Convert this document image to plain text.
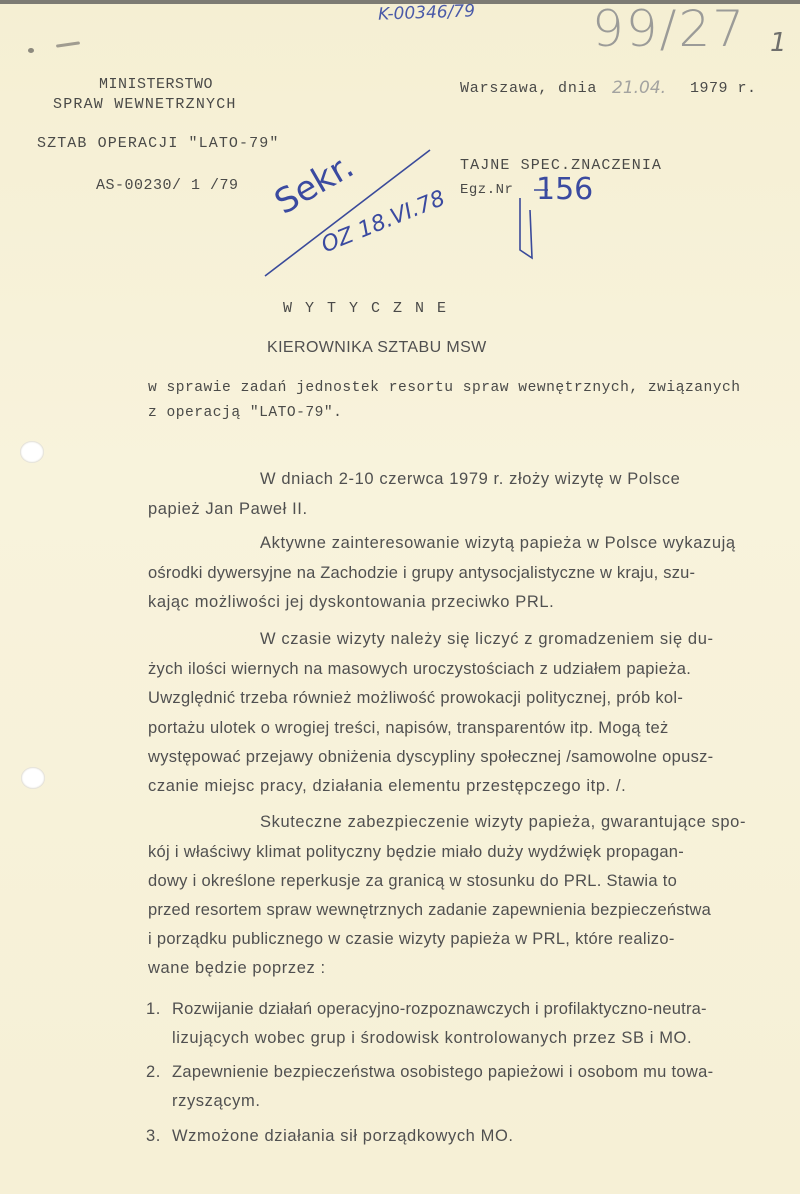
K-00346/79 99/27 1
MINISTERSTWO
SPRAW WEWNETRZNYCH
SZTAB OPERACJI "LATO-79"
AS-00230/ 1 /79
Warszawa, dnia 21.04. 1979 r.
TAJNE SPEC.ZNACZENIA
Egz.Nr 156
Sekr.
OZ 18.VI.78
W Y T Y C Z N E
KIEROWNIKA SZTABU MSW
w sprawie zadań jednostek resortu spraw wewnętrznych, związanych
z operacją "LATO-79".
W dniach 2-10 czerwca 1979 r. złoży wizytę w Polsce
papież Jan Paweł II.
Aktywne zainteresowanie wizytą papieża w Polsce wykazują
ośrodki dywersyjne na Zachodzie i grupy antysocjalistyczne w kraju, szu-
kając możliwości jej dyskontowania przeciwko PRL.
W czasie wizyty należy się liczyć z gromadzeniem się du-
żych ilości wiernych na masowych uroczystościach z udziałem papieża.
Uwzględnić trzeba również możliwość prowokacji politycznej, prób kol-
portażu ulotek o wrogiej treści, napisów, transparentów itp. Mogą też
występować przejawy obniżenia dyscypliny społecznej /samowolne opusz-
czanie miejsc pracy, działania elementu przestępczego itp. /.
Skuteczne zabezpieczenie wizyty papieża, gwarantujące spo-
kój i właściwy klimat polityczny będzie miało duży wydźwięk propagan-
dowy i określone reperkusje za granicą w stosunku do PRL. Stawia to
przed resortem spraw wewnętrznych zadanie zapewnienia bezpieczeństwa
i porządku publicznego w czasie wizyty papieża w PRL, które realizo-
wane będzie poprzez :
1. Rozwijanie działań operacyjno-rozpoznawczych i profilaktyczno-neutra-
lizujących wobec grup i środowisk kontrolowanych przez SB i MO.
2. Zapewnienie bezpieczeństwa osobistego papieżowi i osobom mu towa-
rzyszącym.
3. Wzmożone działania sił porządkowych MO.
